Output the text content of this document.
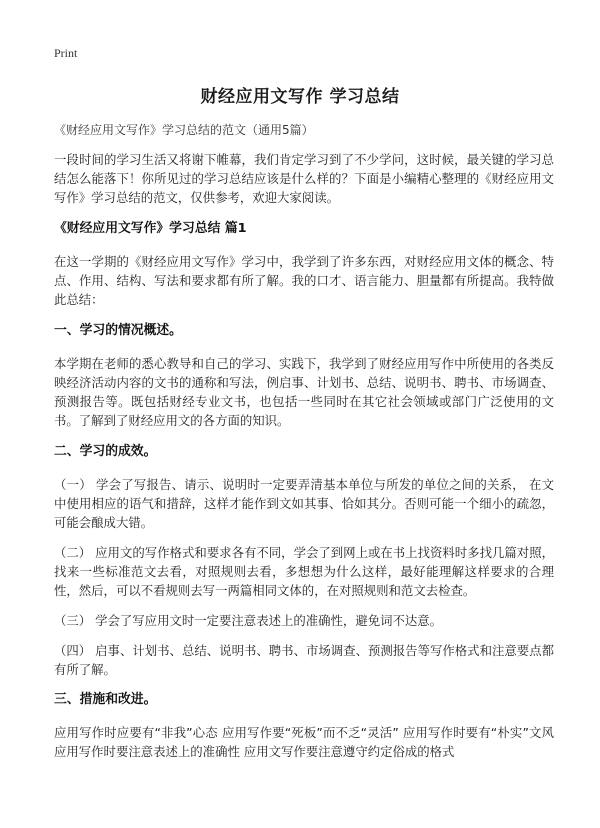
Print
财经应用文写作 学习总结
《财经应用文写作》学习总结的范文（通用5篇）

一段时间的学习生活又将谢下帷幕，我们肯定学习到了不少学问，这时候，最关键的学习总结怎么能落下！你所见过的学习总结应该是什么样的？下面是小编精心整理的《财经应用文写作》学习总结的范文，仅供参考，欢迎大家阅读。

《财经应用文写作》学习总结 篇1

在这一学期的《财经应用文写作》学习中，我学到了许多东西，对财经应用文体的概念、特点、作用、结构、写法和要求都有所了解。我的口才、语言能力、胆量都有所提高。我特做此总结：

一、学习的情况概述。

本学期在老师的悉心教导和自己的学习、实践下，我学到了财经应用写作中所使用的各类反映经济活动内容的文书的通称和写法，例启事、计划书、总结、说明书、聘书、市场调查、预测报告等。既包括财经专业文书，也包括一些同时在其它社会领域或部门广泛使用的文书。了解到了财经应用文的各方面的知识。

二、学习的成效。

（一） 学会了写报告、请示、说明时一定要弄清基本单位与所发的单位之间的关系， 在文中使用相应的语气和措辞，这样才能作到文如其事、恰如其分。否则可能一个细小的疏忽，可能会酿成大错。

（二） 应用文的写作格式和要求各有不同，学会了到网上或在书上找资料时多找几篇对照，找来一些标准范文去看，对照规则去看，多想想为什么这样，最好能理解这样要求的合理性，然后，可以不看规则去写一两篇相同文体的，在对照规则和范文去检查。

（三） 学会了写应用文时一定要注意表述上的准确性，避免词不达意。

（四） 启事、计划书、总结、说明书、聘书、市场调查、预测报告等写作格式和注意要点都有所了解。

三、措施和改进。

应用写作时应要有“非我”心态 应用写作要“死板”而不乏“灵活” 应用写作时要有“朴实”文风 应用写作时要注意表述上的准确性 应用文写作要注意遵守约定俗成的格式
